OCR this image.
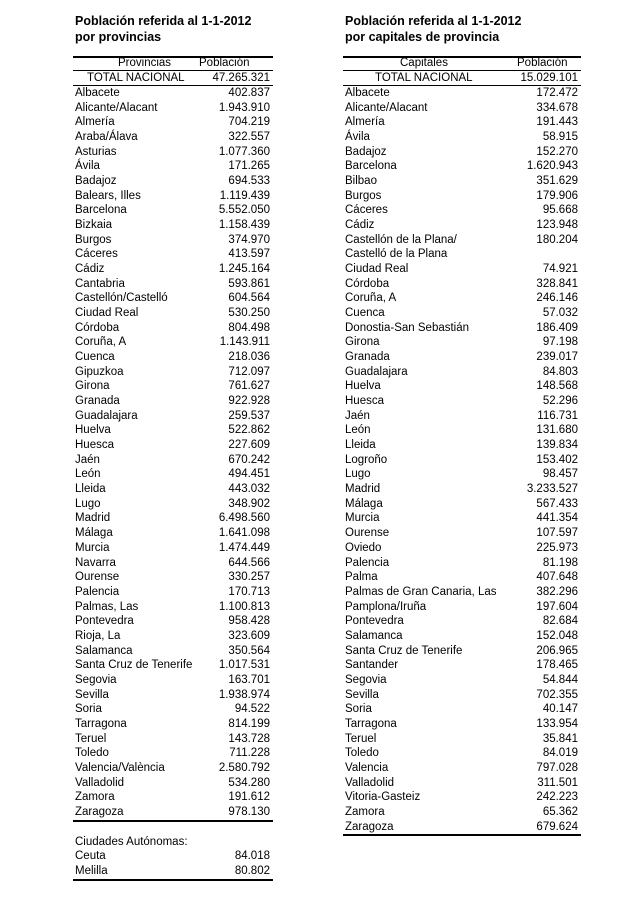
Población referida al 1-1-2012
por provincias
Población referida al 1-1-2012
por capitales de provincia
Provincias Población
TOTAL NACIONAL 47.265.321
Albacete	402.837
Alicante/Alacant	1.943.910
Almería	704.219
Araba/Álava	322.557
Asturias	1.077.360
Ávila	171.265
Badajoz	694.533
Balears, Illes	1.119.439
Barcelona	5.552.050
Bizkaia	1.158.439
Burgos	374.970
Cáceres	413.597
Cádiz	1.245.164
Cantabria	593.861
Castellón/Castelló	604.564
Ciudad Real	530.250
Córdoba	804.498
Coruña, A	1.143.911
Cuenca	218.036
Gipuzkoa	712.097
Girona	761.627
Granada	922.928
Guadalajara	259.537
Huelva	522.862
Huesca	227.609
Jaén	670.242
León	494.451
Lleida	443.032
Lugo	348.902
Madrid	6.498.560
Málaga	1.641.098
Murcia	1.474.449
Navarra	644.566
Ourense	330.257
Palencia	170.713
Palmas, Las	1.100.813
Pontevedra	958.428
Rioja, La	323.609
Salamanca	350.564
Santa Cruz de Tenerife 1.017.531
Segovia	163.701
Sevilla	1.938.974
Soria	94.522
Tarragona	814.199
Teruel	143.728
Toledo	711.228
Valencia/València	2.580.792
Valladolid	534.280
Zamora	191.612
Zaragoza	978.130
Ciudades Autónomas:
Ceuta	84.018
Melilla	80.802
Capitales	Población
TOTAL NACIONAL	15.029.101
Albacete	172.472
Alicante/Alacant	334.678
Almería	191.443
Ávila	58.915
Badajoz	152.270
Barcelona	1.620.943
Bilbao	351.629
Burgos	179.906
Cáceres	95.668
Cádiz	123.948
Castellón de la Plana/	180.204
Castelló de la Plana
Ciudad Real	74.921
Córdoba	328.841
Coruña, A	246.146
Cuenca	57.032
Donostia-San Sebastián	186.409
Girona	97.198
Granada	239.017
Guadalajara	84.803
Huelva	148.568
Huesca	52.296
Jaén	116.731
León	131.680
Lleida	139.834
Logroño	153.402
Lugo	98.457
Madrid	3.233.527
Málaga	567.433
Murcia	441.354
Ourense	107.597
Oviedo	225.973
Palencia	81.198
Palma	407.648
Palmas de Gran Canaria, Las	382.296
Pamplona/Iruña	197.604
Pontevedra	82.684
Salamanca	152.048
Santa Cruz de Tenerife	206.965
Santander	178.465
Segovia	54.844
Sevilla	702.355
Soria	40.147
Tarragona	133.954
Teruel	35.841
Toledo	84.019
Valencia	797.028
Valladolid	311.501
Vitoria-Gasteiz	242.223
Zamora	65.362
Zaragoza	679.624
